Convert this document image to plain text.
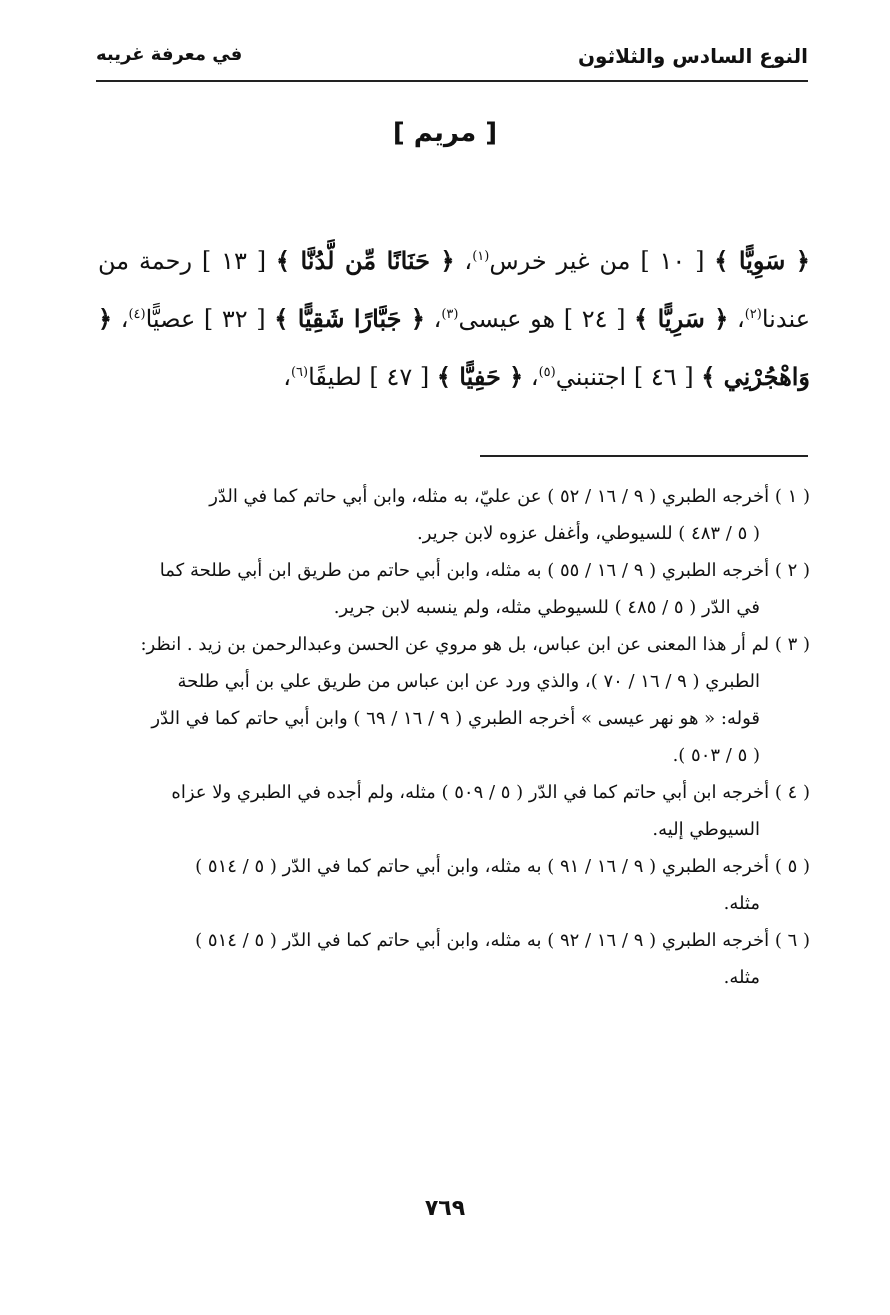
النوع السادس والثلاثون
في معرفة غريبه
[ مريم ]
﴿ سَوِيًّا ﴾ [ ١٠ ] من غير خرس$^{(١)}$، ﴿ حَنَانًا مِّن لَّدُنَّا ﴾ [ ١٣ ] رحمة من عندنا$^{(٢)}$، ﴿ سَرِيًّا ﴾ [ ٢٤ ] هو عيسى$^{(٣)}$، ﴿ جَبَّارًا شَقِيًّا ﴾ [ ٣٢ ] عصيًّا$^{(٤)}$، ﴿ وَاهْجُرْنِي ﴾ [ ٤٦ ] اجتنبني$^{(٥)}$، ﴿ حَفِيًّا ﴾ [ ٤٧ ] لطيفًا$^{(٦)}$،

( ١ ) أخرجه الطبري ( ٩ / ١٦ / ٥٢ ) عن عليّ، به مثله، وابن أبي حاتم كما في الدّر

( ٥ / ٤٨٣ ) للسيوطي، وأغفل عزوه لابن جرير.

( ٢ ) أخرجه الطبري ( ٩ / ١٦ / ٥٥ ) به مثله، وابن أبي حاتم من طريق ابن أبي طلحة كما

في الدّر ( ٥ / ٤٨٥ ) للسيوطي مثله، ولم ينسبه لابن جرير.

( ٣ ) لم أر هذا المعنى عن ابن عباس، بل هو مروي عن الحسن وعبدالرحمن بن زيد . انظر:

الطبري ( ٩ / ١٦ / ٧٠ )، والذي ورد عن ابن عباس من طريق علي بن أبي طلحة

قوله: « هو نهر عيسى » أخرجه الطبري ( ٩ / ١٦ / ٦٩ ) وابن أبي حاتم كما في الدّر

( ٥ / ٥٠٣ ).

( ٤ ) أخرجه ابن أبي حاتم كما في الدّر ( ٥ / ٥٠٩ ) مثله، ولم أجده في الطبري ولا عزاه

السيوطي إليه.

( ٥ ) أخرجه الطبري ( ٩ / ١٦ / ٩١ ) به مثله، وابن أبي حاتم كما في الدّر ( ٥ / ٥١٤ )

مثله.

( ٦ ) أخرجه الطبري ( ٩ / ١٦ / ٩٢ ) به مثله، وابن أبي حاتم كما في الدّر ( ٥ / ٥١٤ )

مثله.

٧٦٩
